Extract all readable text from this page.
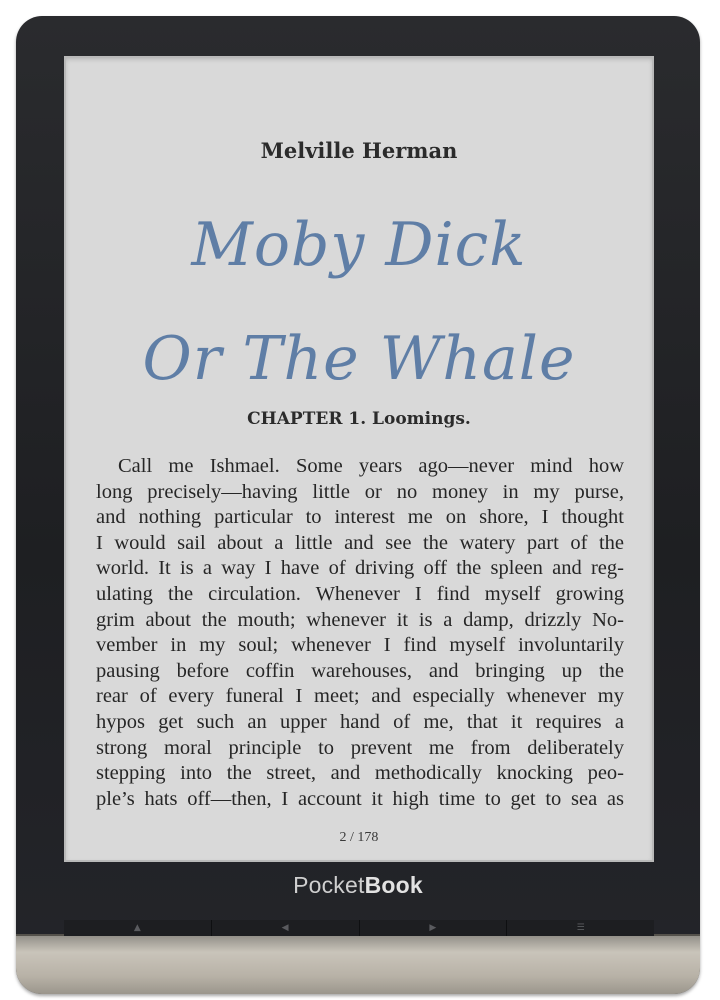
Melville Herman
Moby Dick
Or The Whale
CHAPTER 1. Loomings.
Call me Ishmael. Some years ago—never mind how
long precisely—having little or no money in my purse,
and nothing particular to interest me on shore, I thought
I would sail about a little and see the watery part of the
world. It is a way I have of driving off the spleen and reg-
ulating the circulation. Whenever I find myself growing
grim about the mouth; whenever it is a damp, drizzly No-
vember in my soul; whenever I find myself involuntarily
pausing before coffin warehouses, and bringing up the
rear of every funeral I meet; and especially whenever my
hypos get such an upper hand of me, that it requires a
strong moral principle to prevent me from deliberately
stepping into the street, and methodically knocking peo-
ple’s hats off—then, I account it high time to get to sea as
2 / 178
PocketBook
▲	◀	▶	☰
